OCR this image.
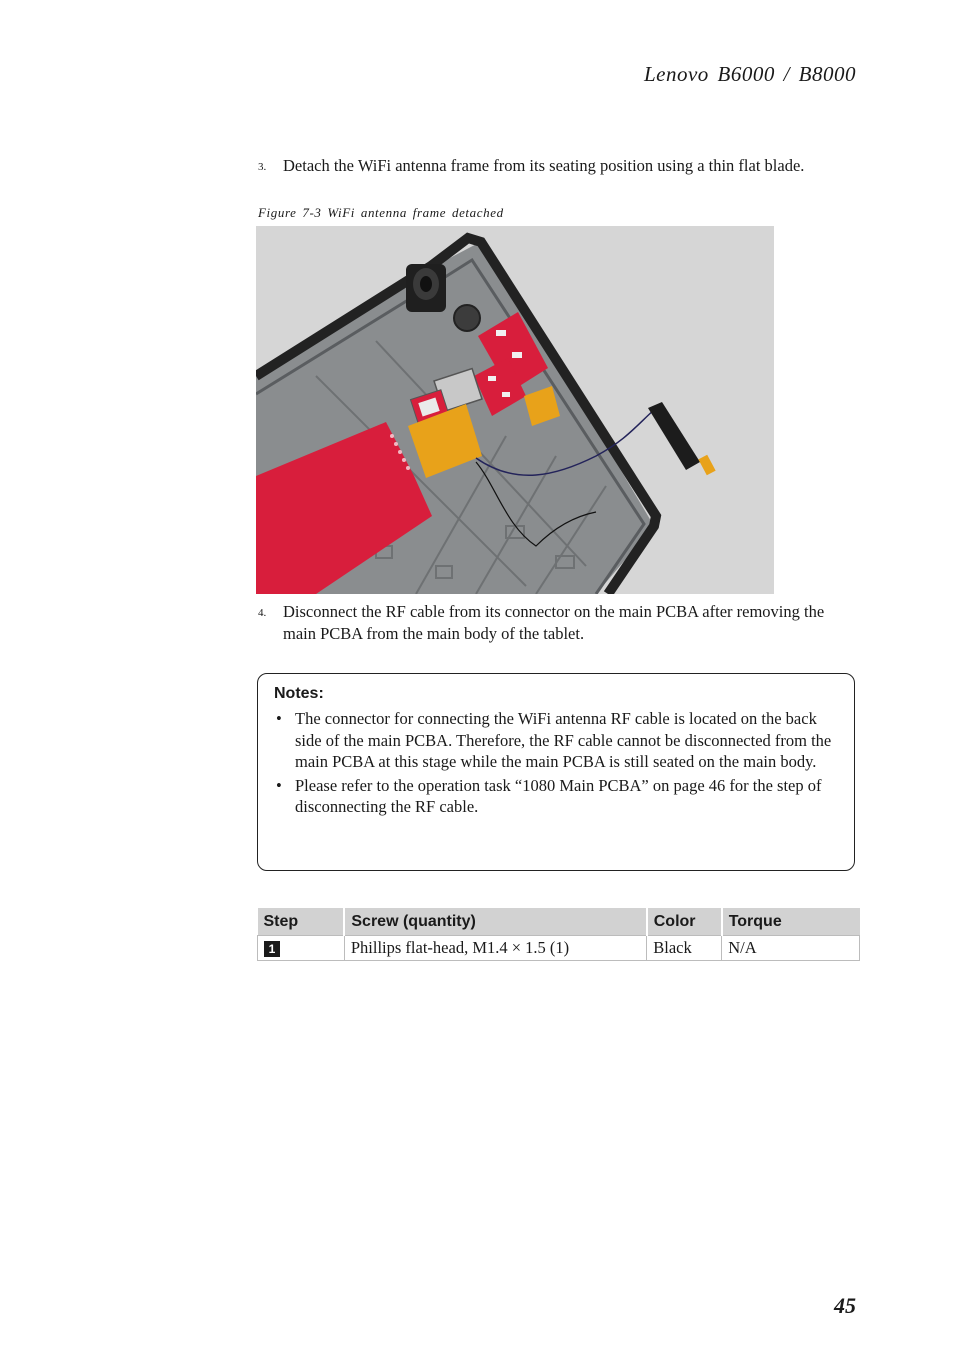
Lenovo B6000 / B8000
3. Detach the WiFi antenna frame from its seating position using a thin flat blade.
Figure 7-3 WiFi antenna frame detached
4. Disconnect the RF cable from its connector on the main PCBA after removing the main PCBA from the main body of the tablet.
Notes:
• The connector for connecting the WiFi antenna RF cable is located on the back side of the main PCBA. Therefore, the RF cable cannot be disconnected from the main PCBA at this stage while the main PCBA is still seated on the main body.
• Please refer to the operation task “1080 Main PCBA” on page 46 for the step of disconnecting the RF cable.
Step	Screw (quantity)	Color	Torque
1	Phillips flat-head, M1.4 × 1.5 (1)	Black	N/A
45
